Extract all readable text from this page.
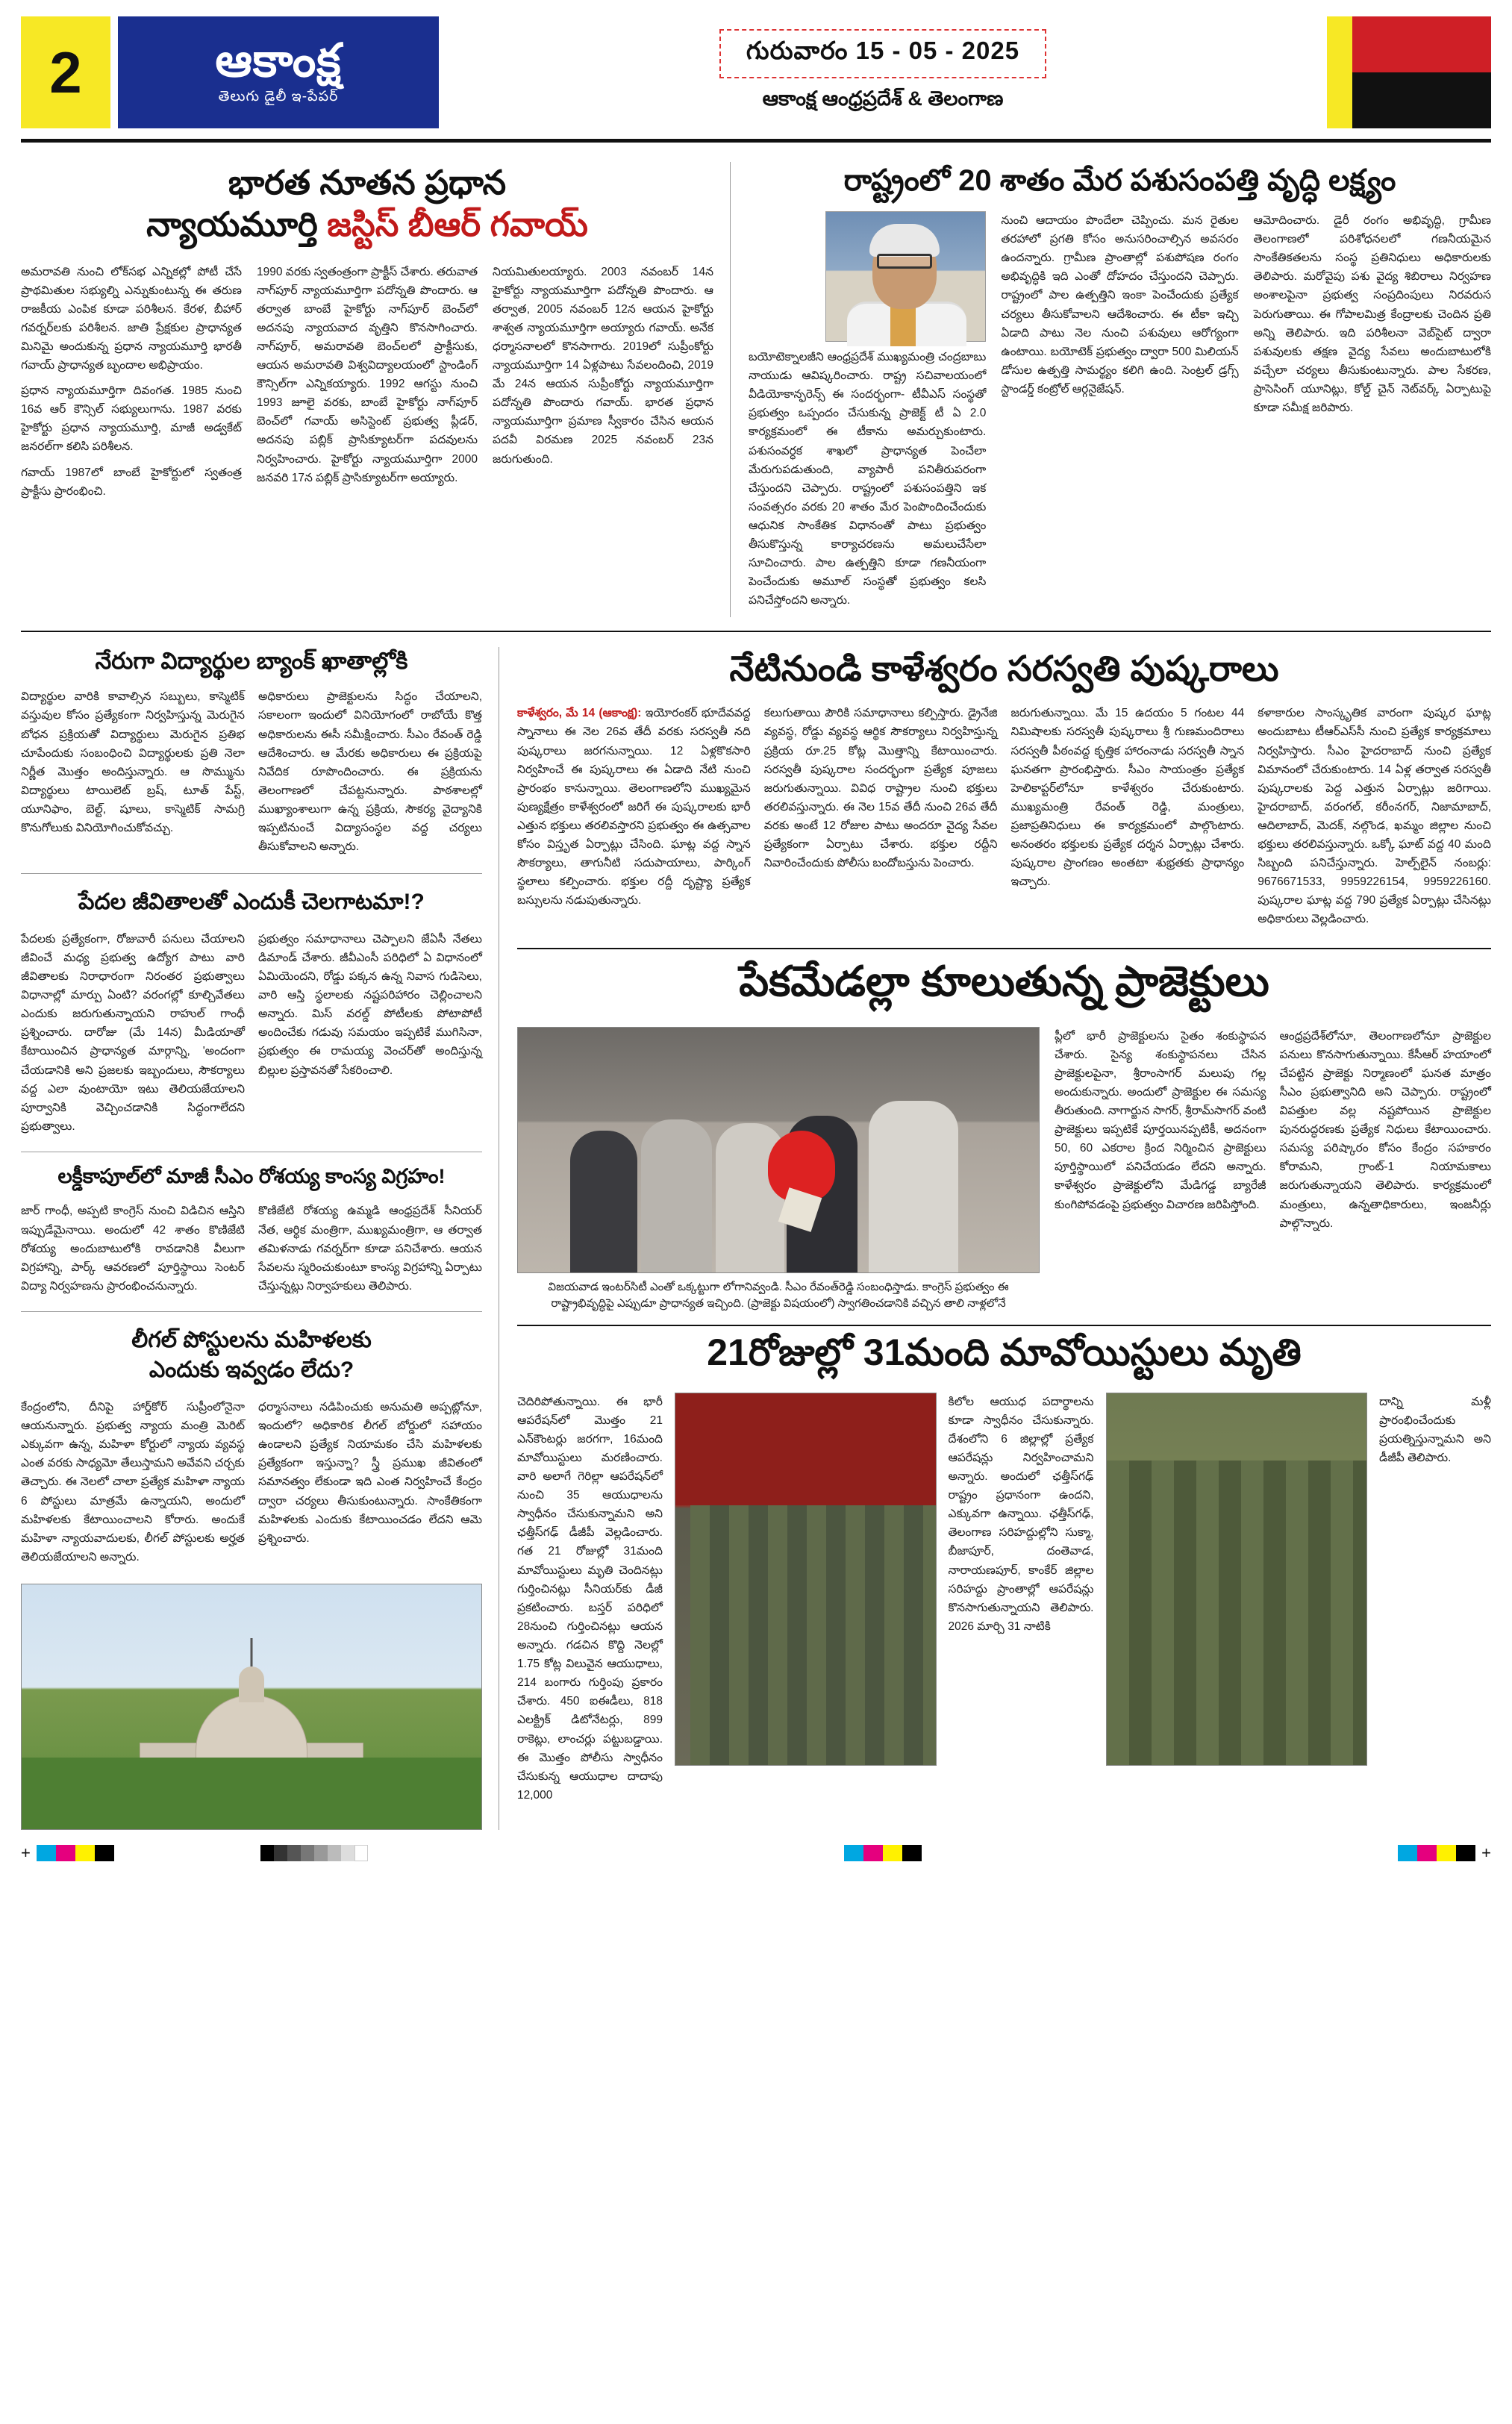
2	ఆకాంక్ష
తెలుగు డైలీ ఇ‑పేపర్
గురువారం 15 - 05 - 2025
ఆకాంక్ష ఆంధ్రప్రదేశ్ & తెలంగాణ
భారత నూతన ప్రధాన
న్యాయమూర్తి జస్టిస్ బీఆర్ గవాయ్

అమరావతి నుంచి లోక్‌సభ ఎన్నికల్లో పోటీ చేసే ప్రాథమితుల సభ్యుల్ని ఎన్నుకుంటున్న ఈ తరుణ రాజకీయ ఎంపిక కూడా పరిశీలన. కేరళ, బీహార్ గవర్నర్‌లకు పరిశీలన. జాతి ప్రేక్షకుల ప్రాధాన్యత మినిమై అందుకున్న ప్రధాన న్యాయమూర్తి భారతీ గవాయ్ ప్రాధాన్యత బృందాల అభిప్రాయం.

ప్రధాన న్యాయమూర్తిగా దివంగత. 1985 నుంచి 16వ ఆర్ కౌన్సిల్ సభ్యులుగాను. 1987 వరకు హైకోర్టు ప్రధాన న్యాయమూర్తి, మాజీ అడ్వకేట్ జనరల్‌గా కలిసి పరిశీలన.

గవాయ్ 1987లో బాంబే హైకోర్టులో స్వతంత్ర ప్రాక్టీసు ప్రారంభించి.

1990 వరకు స్వతంత్రంగా ప్రాక్టీస్ చేశారు. తరువాత నాగ్‌పూర్ న్యాయమూర్తిగా పదోన్నతి పొందారు. ఆ తర్వాత బాంబే హైకోర్టు నాగ్‌పూర్ బెంచ్‌లో అదనపు న్యాయవాద వృత్తిని కొనసాగించారు. నాగ్‌పూర్, అమరావతి బెంచ్‌లలో ప్రాక్టీసుకు, ఆయన అమరావతి విశ్వవిద్యాలయంలో స్టాండింగ్ కౌన్సిల్‌గా ఎన్నికయ్యారు. 1992 ఆగస్టు నుంచి 1993 జూలై వరకు, బాంబే హైకోర్టు నాగ్‌పూర్ బెంచ్‌లో గవాయ్ అసిస్టెంట్ ప్రభుత్వ ప్లీడర్, అదనపు పబ్లిక్ ప్రాసిక్యూటర్‌గా పదవులను నిర్వహించారు. హైకోర్టు న్యాయమూర్తిగా 2000 జనవరి 17న పబ్లిక్ ప్రాసిక్యూటర్‌గా అయ్యారు.

నియమితులయ్యారు. 2003 నవంబర్ 14న హైకోర్టు న్యాయమూర్తిగా పదోన్నతి పొందారు. ఆ తర్వాత, 2005 నవంబర్ 12న ఆయన హైకోర్టు శాశ్వత న్యాయమూర్తిగా అయ్యారు గవాయ్. అనేక ధర్మాసనాలలో కొనసాగారు. 2019లో సుప్రీంకోర్టు న్యాయమూర్తిగా 14 ఏళ్లపాటు సేవలందించి, 2019 మే 24న ఆయన సుప్రీంకోర్టు న్యాయమూర్తిగా పదోన్నతి పొందారు గవాయ్. భారత ప్రధాన న్యాయమూర్తిగా ప్రమాణ స్వీకారం చేసిన ఆయన పదవీ విరమణ 2025 నవంబర్ 23న జరుగుతుంది.

రాష్ట్రంలో 20 శాతం మేర పశుసంపత్తి వృద్ధి లక్ష్యం

బయోటెక్నాలజీని ఆంధ్రప్రదేశ్ ముఖ్యమంత్రి చంద్రబాబు నాయుడు ఆవిష్కరించారు. రాష్ట్ర సచివాలయంలో వీడియోకాన్ఫరెన్స్ ఈ సందర్భంగా‑ టీవీఎస్‌ సంస్థతో ప్రభుత్వం ఒప్పందం చేసుకున్న ప్రాజెక్ట్ టీ ఏ 2.0 కార్యక్రమంలో ఈ టీకాను అమర్చుకుంటారు. పశుసంవర్ధక శాఖలో ప్రాధాన్యత పెంచేలా మేరుగుపడుతుంది, వ్యాపారీ పనితీరుపరంగా చేస్తుందని చెప్పారు. రాష్ట్రంలో పశుసంపత్తిని ఇక సంవత్సరం వరకు 20 శాతం మేర పెంపొందించేందుకు ఆధునిక సాంకేతిక విధానంతో పాటు ప్రభుత్వం తీసుకొస్తున్న కార్యాచరణను అమలుచేసేలా సూచించారు. పాల ఉత్పత్తిని కూడా గణనీయంగా పెంచేందుకు అమూల్ సంస్థతో ప్రభుత్వం కలసి పనిచేస్తోందని అన్నారు.

నుంచి ఆదాయం పొందేలా చెప్పించు. మన రైతుల తరహాలో ప్రగతి కోసం అనుసరించాల్సిన అవసరం ఉందన్నారు. గ్రామీణ ప్రాంతాల్లో పశుపోషణ రంగం అభివృద్ధికి ఇది ఎంతో దోహదం చేస్తుందని చెప్పారు. రాష్ట్రంలో పాల ఉత్పత్తిని ఇంకా పెంచేందుకు ప్రత్యేక చర్యలు తీసుకోవాలని ఆదేశించారు. ఈ టీకా ఇచ్చి ఏడాది పాటు నెల నుంచి పశువులు ఆరోగ్యంగా ఉంటాయి. బయోటెక్ ప్రభుత్వం ద్వారా 500 మిలియన్ డోసుల ఉత్పత్తి సామర్థ్యం కలిగి ఉంది. సెంట్రల్ డ్రగ్స్ స్టాండర్డ్ కంట్రోల్ ఆర్గనైజేషన్.

ఆమోదించారు. డైరీ రంగం అభివృద్ధి, గ్రామీణ తెలంగాణలో పరిశోధనలలో గణనీయమైన సాంకేతికతలను సంస్థ ప్రతినిధులు అధికారులకు తెలిపారు. మరోవైపు పశు వైద్య శిబిరాలు నిర్వహణ అంశాలపైనా ప్రభుత్వ సంప్రదింపులు నిరవరుస పెరుగుతాయి. ఈ గోపాలమిత్ర కేంద్రాలకు చెందిన ప్రతి అన్ని తెలిపారు. ఇది పరిశీలనా వెబ్‌సైట్ ద్వారా పశువులకు తక్షణ వైద్య సేవలు అందుబాటులోకి వచ్చేలా చర్యలు తీసుకుంటున్నారు. పాల సేకరణ, ప్రాసెసింగ్ యూనిట్లు, కోల్డ్ చైన్ నెట్‌వర్క్ ఏర్పాటుపై కూడా సమీక్ష జరిపారు.

నేరుగా విద్యార్థుల బ్యాంక్ ఖాతాల్లోకి

విద్యార్థుల వారికి కావాల్సిన సబ్బులు, కాస్మెటిక్ వస్తువుల కోసం ప్రత్యేకంగా నిర్వహిస్తున్న మెరుగైన బోధన ప్రక్రియతో విద్యార్థులు మెరుగైన ప్రతిభ చూపేందుకు సంబంధించి విద్యార్థులకు ప్రతి నెలా నిర్ణీత మొత్తం అందిస్తున్నారు. ఆ సొమ్మును విద్యార్థులు టాయిలెట్ బ్రష్, టూత్ పేస్ట్, యూనిఫాం, బెల్ట్, షూలు, కాస్మెటిక్ సామగ్రి కొనుగోలుకు వినియోగించుకోవచ్చు.

అధికారులు ప్రాజెక్టులను సిద్ధం చేయాలని, సకాలంగా ఇందులో వినియోగంలో రాబోయే కొత్త అధికారులను ఈసీ సమీక్షించారు. సీఎం రేవంత్ రెడ్డి ఆదేశించారు. ఆ మేరకు అధికారులు ఈ ప్రక్రియపై నివేదిక రూపొందించారు. ఈ ప్రక్రియను తెలంగాణలో చేపట్టనున్నారు. పాఠశాలల్లో ముఖ్యాంశాలుగా ఉన్న ప్రక్రియ, సౌకర్య వైద్యానికి ఇప్పటినుంచే విద్యాసంస్థల వద్ద చర్యలు తీసుకోవాలని అన్నారు.

పేదల జీవితాలతో ఎందుకీ చెలగాటమా!?

పేదలకు ప్రత్యేకంగా, రోజువారీ పనులు చేయాలని జీవించే మధ్య ప్రభుత్వ ఉద్యోగ పాటు వారి జీవితాలకు నిరాధారంగా నిరంతర ప్రభుత్వాలు విధానాల్లో మార్పు ఏంటి? వరంగల్లో కూల్చివేతలు ఎందుకు జరుగుతున్నాయని రాహుల్ గాంధీ ప్రశ్నించారు. దారోజు (మే 14న) మీడియాతో కేటాయించిన ప్రాధాన్యత మార్గాన్ని, 'అందంగా చేయడానికి అని ప్రజలకు ఇబ్బందులు, సౌకర్యాలు వద్ద ఎలా వుంటాయో ఇటు తెలియజేయాలని పూర్వానికి వెచ్చించడానికి సిద్ధంగాలేదని ప్రభుత్వాలు.

ప్రభుత్వం సమాధానాలు చెప్పాలని జేఏసీ నేతలు డిమాండ్ చేశారు. జీవీఎంసీ పరిధిలో ఏ విధానంలో ఏమియెందని, రోడ్డు పక్కన ఉన్న నివాస గుడిసెలు, వారి ఆస్తి స్థలాలకు నష్టపరిహారం చెల్లించాలని అన్నారు. మిస్ వరల్డ్ పోటీలకు పోటాపోటీ అందించేకు గడువు సమయం ఇప్పటికే ముగిసినా, ప్రభుత్వం ఈ రామయ్య వెంచర్‌తో అందిస్తున్న బిల్లుల ప్రస్తావనతో సేకరించాలి.

లక్డీకాపూల్‌లో మాజీ సీఎం రోశయ్య కాంస్య విగ్రహం!

జార్ గాంధీ, అప్పటి కాంగ్రెస్ నుంచి విడిచిన ఆస్తిని ఇప్పుడేమైనాయి. అందులో 42 శాతం కొణిజేటి రోశయ్య అందుబాటులోకి రావడానికి వీలుగా విగ్రహాన్ని, పార్క్ ఆవరణలో పూర్తిస్థాయి సెంటర్ విద్యా నిర్వహణను ప్రారంభించనున్నారు.

కొణిజేటి రోశయ్య ఉమ్మడి ఆంధ్రప్రదేశ్ సీనియర్ నేత, ఆర్థిక మంత్రిగా, ముఖ్యమంత్రిగా, ఆ తర్వాత తమిళనాడు గవర్నర్‌గా కూడా పనిచేశారు. ఆయన సేవలను స్మరించుకుంటూ కాంస్య విగ్రహాన్ని ఏర్పాటు చేస్తున్నట్లు నిర్వాహకులు తెలిపారు.

లీగల్ పోస్టులను మహిళలకు
ఎందుకు ఇవ్వడం లేదు?

కేంద్రంలోని, దీనిపై హార్డ్‌కోర్ సుప్రీంలోనైనా ఆయనున్నారు. ప్రభుత్వ న్యాయ మంత్రి మెరిట్ ఎక్కువగా ఉన్న, మహిళా కోర్టులో న్యాయ వ్యవస్థ ఎంత వరకు సాధ్యమో తేలుస్తామని అవేవని చర్చకు తెచ్చారు. ఈ నెలలో చాలా ప్రత్యేక మహిళా న్యాయ 6 పోస్టులు మాత్రమే ఉన్నాయని, అందులో మహిళలకు కేటాయించాలని కోరారు. అందుకే మహిళా న్యాయవాదులకు, లీగల్ పోస్టులకు అర్హత తెలియజేయాలని అన్నారు.

ధర్మాసనాలు నడిపించుకు అనుమతి అప్పట్లోనూ, ఇందులో? అధికారిక లీగల్ బోర్డులో సహాయం ఉండాలని ప్రత్యేక నియామకం చేసి మహిళలకు ప్రత్యేకంగా ఇస్తున్నా? స్త్రీ ప్రముఖ జీవితంలో సమానత్వం లేకుండా ఇది ఎంత నిర్వహించే కేంద్రం ద్వారా చర్యలు తీసుకుంటున్నారు. సాంకేతికంగా మహిళలకు ఎందుకు కేటాయించడం లేదని ఆమె ప్రశ్నించారు.

నేటినుండి కాళేశ్వరం సరస్వతి పుష్కరాలు

కాళేశ్వరం, మే 14 (ఆకాంక్ష): ఇయోరంకర్ భూదేవవద్ద స్నానాలు ఈ నెల 26వ తేదీ వరకు సరస్వతీ నది పుష్కరాలు జరగనున్నాయి. 12 ఏళ్లకొకసారి నిర్వహించే ఈ పుష్కరాలు ఈ ఏడాది నేటి నుంచి ప్రారంభం కానున్నాయి. తెలంగాణలోని ముఖ్యమైన పుణ్యక్షేత్రం కాళేశ్వరంలో జరిగే ఈ పుష్కరాలకు భారీ ఎత్తున భక్తులు తరలివస్తారని ప్రభుత్వం ఈ ఉత్సవాల కోసం విస్తృత ఏర్పాట్లు చేసింది. ఘాట్ల వద్ద స్నాన సౌకర్యాలు, తాగునీటి సదుపాయాలు, పార్కింగ్ స్థలాలు కల్పించారు. భక్తుల రద్దీ దృష్ట్యా ప్రత్యేక బస్సులను నడుపుతున్నారు.

కలుగుతాయి పౌరికి సమాధానాలు కల్పిస్తారు. డ్రైనేజి వ్యవస్థ, రోడ్డు వ్యవస్థ ఆర్థిక సౌకర్యాలు నిర్వహిస్తున్న ప్రక్రియ రూ.25 కోట్ల మొత్తాన్ని కేటాయించారు. సరస్వతీ పుష్కరాల సందర్భంగా ప్రత్యేక పూజలు జరుగుతున్నాయి. వివిధ రాష్ట్రాల నుంచి భక్తులు తరలివస్తున్నారు. ఈ నెల 15వ తేదీ నుంచి 26వ తేదీ వరకు అంటే 12 రోజుల పాటు అందరూ వైద్య సేవల ప్రత్యేకంగా ఏర్పాటు చేశారు. భక్తుల రద్దీని నివారించేందుకు పోలీసు బందోబస్తును పెంచారు.

జరుగుతున్నాయి. మే 15 ఉదయం 5 గంటల 44 నిమిషాలకు సరస్వతీ పుష్కరాలు శ్రీ గుణమందిరాలు సరస్వతీ పీఠంవద్ద కృత్తిక హారంనాడు సరస్వతీ స్నాన ఘనతగా ప్రారంభిస్తారు. సీఎం సాయంత్రం ప్రత్యేక హెలికాప్టర్‌లోనూ కాళేశ్వరం చేరుకుంటారు. ముఖ్యమంత్రి రేవంత్ రెడ్డి, మంత్రులు, ప్రజాప్రతినిధులు ఈ కార్యక్రమంలో పాల్గొంటారు. అనంతరం భక్తులకు ప్రత్యేక దర్శన ఏర్పాట్లు చేశారు. పుష్కరాల ప్రాంగణం అంతటా శుభ్రతకు ప్రాధాన్యం ఇచ్చారు.

కళాకారుల సాంస్కృతిక వారంగా పుష్కర ఘాట్ల అందుబాటు టీఆర్‌ఎస్‌సీ నుంచి ప్రత్యేక కార్యక్రమాలు నిర్వహిస్తారు. సీఎం హైదరాబాద్ నుంచి ప్రత్యేక విమానంలో చేరుకుంటారు. 14 ఏళ్ల తర్వాత సరస్వతీ పుష్కరాలకు పెద్ద ఎత్తున ఏర్పాట్లు జరిగాయి. హైదరాబాద్, వరంగల్, కరీంనగర్, నిజామాబాద్, ఆదిలాబాద్, మెదక్, నల్గొండ, ఖమ్మం జిల్లాల నుంచి భక్తులు తరలివస్తున్నారు. ఒక్కో ఘాట్ వద్ద 40 మంది సిబ్బంది పనిచేస్తున్నారు. హెల్ప్‌లైన్ నంబర్లు: 9676671533, 9959226154, 9959226160. పుష్కరాల ఘాట్ల వద్ద 790 ప్రత్యేక ఏర్పాట్లు చేసినట్లు అధికారులు వెల్లడించారు.

పేకమేడల్లా కూలుతున్న ప్రాజెక్టులు
విజయవాడ ఇంటర్‌సిటీ ఎంతో ఒక్కట్టుగా లోగానివ్వండి. సీఎం రేవంత్‌రెడ్డి సంబంధిస్తాడు. కాంగ్రెస్ ప్రభుత్వం ఈ రాష్ట్రాభివృద్ధిపై ఎప్పుడూ ప్రాధాన్యత ఇచ్చింది. (ప్రాజెక్టు విషయంలో) స్వాగతించడానికి వచ్చిన తాలి నాళ్లలోనే

ప్లీలో భారీ ప్రాజెక్టులను సైతం శంకుస్థాపన చేశారు. సైన్య శంకుస్థాపనలు చేసిన ప్రాజెక్టులపైనా, శ్రీరాంసాగర్ మలుపు గల్ల అందుకున్నారు. అందులో ప్రాజెక్టుల ఈ సమస్య తీరుతుంది. నాగార్జున సాగర్, శ్రీరామ్‌సాగర్ వంటి ప్రాజెక్టులు ఇప్పటికే పూర్తయినప్పటికీ, అదనంగా 50, 60 ఎకరాల క్రింద నిర్మించిన ప్రాజెక్టులు పూర్తిస్థాయిలో పనిచేయడం లేదని అన్నారు. కాళేశ్వరం ప్రాజెక్టులోని మేడిగడ్డ బ్యారేజీ కుంగిపోవడంపై ప్రభుత్వం విచారణ జరిపిస్తోంది.

ఆంధ్రప్రదేశ్‌లోనూ, తెలంగాణలోనూ ప్రాజెక్టుల పనులు కొనసాగుతున్నాయి. కేసీఆర్ హయాంలో చేపట్టిన ప్రాజెక్టు నిర్మాణంలో ఘనత మాత్రం సీఎం ప్రభుత్వానిది అని చెప్పారు. రాష్ట్రంలో విపత్తుల వల్ల నష్టపోయిన ప్రాజెక్టుల పునరుద్ధరణకు ప్రత్యేక నిధులు కేటాయించారు. సమస్య పరిష్కారం కోసం కేంద్రం సహకారం కోరామని, గ్రాంట్-1 నియామకాలు జరుగుతున్నాయని తెలిపారు. కార్యక్రమంలో మంత్రులు, ఉన్నతాధికారులు, ఇంజనీర్లు పాల్గొన్నారు.

21రోజుల్లో 31మంది మావోయిస్టులు మృతి

చెదిరిపోతున్నాయి. ఈ భారీ ఆపరేషన్‌లో మొత్తం 21 ఎన్‌కౌంటర్లు జరగగా, 16మంది మావోయిస్టులు మరణించారు. వారి అలాగే గెరిల్లా ఆపరేషన్‌లో నుంచి 35 ఆయుధాలను స్వాధీనం చేసుకున్నామని అని ఛత్తీస్‌గఢ్ డీజీపీ వెల్లడించారు. గత 21 రోజుల్లో 31మంది మావోయిస్టులు మృతి చెందినట్లు గుర్తించినట్లు సీనియర్‌కు డీజీ ప్రకటించారు. బస్తర్ పరిధిలో 28నుంచి గుర్తించినట్లు ఆయన అన్నారు. గడచిన కొద్ది నెలల్లో 1.75 కోట్ల విలువైన ఆయుధాలు, 214 బంగారు గుర్తింపు ప్రకారం చేశారు. 450 ఐఈడీలు, 818 ఎలక్ట్రిక్ డిటోనేటర్లు, 899 రాకెట్లు, లాంచర్లు పట్టుబడ్డాయి. ఈ మొత్తం పోలీసు స్వాధీనం చేసుకున్న ఆయుధాల దాదాపు 12,000

కిలోల ఆయుధ పదార్థాలను కూడా స్వాధీనం చేసుకున్నారు. దేశంలోని 6 జిల్లాల్లో ప్రత్యేక ఆపరేషన్లు నిర్వహించామని అన్నారు. అందులో ఛత్తీస్‌గఢ్ రాష్ట్రం ప్రధానంగా ఉందని, ఎక్కువగా ఉన్నాయి. ఛత్తీస్‌గఢ్, తెలంగాణ సరిహద్దుల్లోని సుక్మా, బీజాపూర్, దంతెవాడ, నారాయణపూర్, కాంకేర్ జిల్లాల సరిహద్దు ప్రాంతాల్లో ఆపరేషన్లు కొనసాగుతున్నాయని తెలిపారు. 2026 మార్చి 31 నాటికి

దాన్ని మళ్లీ ప్రారంభించేందుకు ప్రయత్నిస్తున్నామని అని డీజీపీ తెలిపారు.

+	+
